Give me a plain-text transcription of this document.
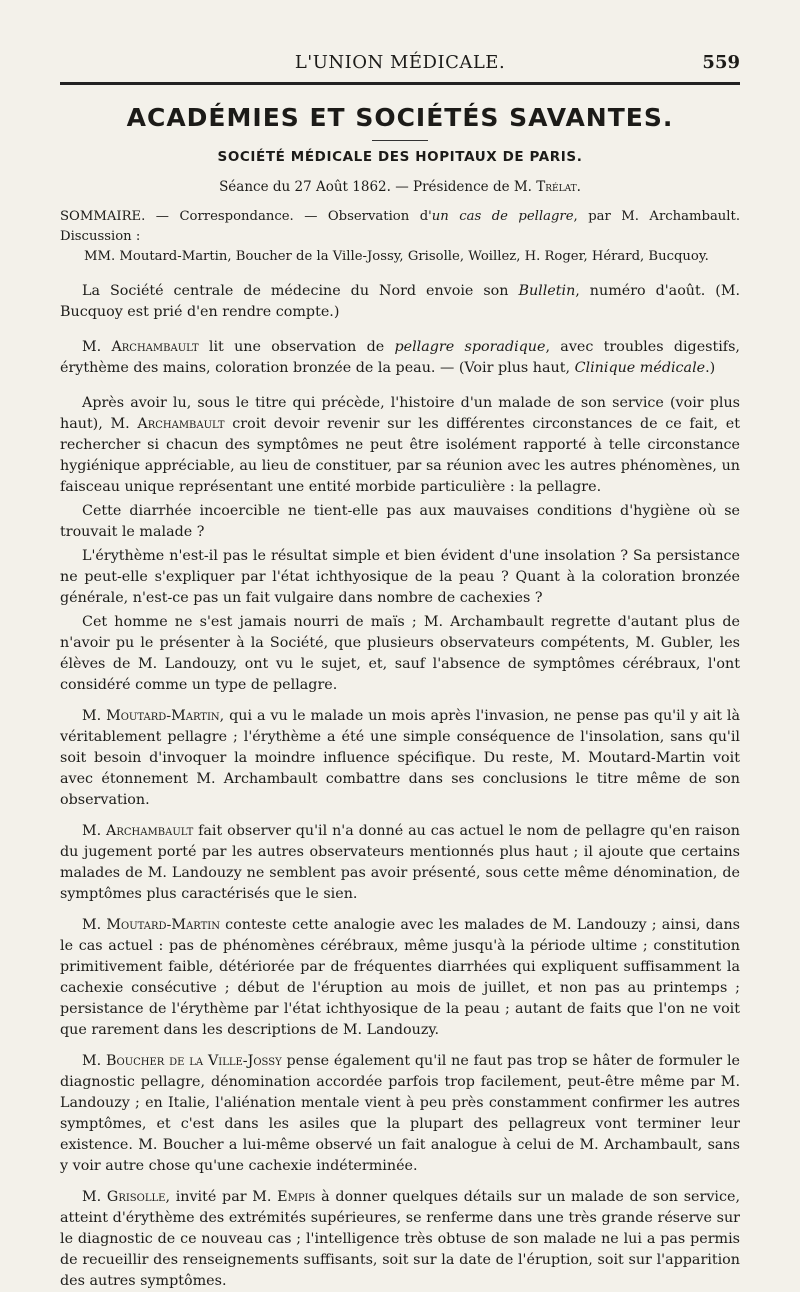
L'UNION MÉDICALE.	559
ACADÉMIES ET SOCIÉTÉS SAVANTES.
SOCIÉTÉ MÉDICALE DES HOPITAUX DE PARIS.
Séance du 27 Août 1862. — Présidence de M. Trélat.
SOMMAIRE. — Correspondance. — Observation d'un cas de pellagre, par M. Archambault. Discussion :
MM. Moutard-Martin, Boucher de la Ville-Jossy, Grisolle, Woillez, H. Roger, Hérard, Bucquoy.

La Société centrale de médecine du Nord envoie son Bulletin, numéro d'août. (M. Bucquoy est prié d'en rendre compte.)

M. Archambault lit une observation de pellagre sporadique, avec troubles digestifs, érythème des mains, coloration bronzée de la peau. — (Voir plus haut, Clinique médicale.)

Après avoir lu, sous le titre qui précède, l'histoire d'un malade de son service (voir plus haut), M. Archambault croit devoir revenir sur les différentes circonstances de ce fait, et rechercher si chacun des symptômes ne peut être isolément rapporté à telle circonstance hygiénique appréciable, au lieu de constituer, par sa réunion avec les autres phénomènes, un faisceau unique représentant une entité morbide particulière : la pellagre.

Cette diarrhée incoercible ne tient-elle pas aux mauvaises conditions d'hygiène où se trouvait le malade ?

L'érythème n'est-il pas le résultat simple et bien évident d'une insolation ? Sa persistance ne peut-elle s'expliquer par l'état ichthyosique de la peau ? Quant à la coloration bronzée générale, n'est-ce pas un fait vulgaire dans nombre de cachexies ?

Cet homme ne s'est jamais nourri de maïs ; M. Archambault regrette d'autant plus de n'avoir pu le présenter à la Société, que plusieurs observateurs compétents, M. Gubler, les élèves de M. Landouzy, ont vu le sujet, et, sauf l'absence de symptômes cérébraux, l'ont considéré comme un type de pellagre.

M. Moutard-Martin, qui a vu le malade un mois après l'invasion, ne pense pas qu'il y ait là véritablement pellagre ; l'érythème a été une simple conséquence de l'insolation, sans qu'il soit besoin d'invoquer la moindre influence spécifique. Du reste, M. Moutard-Martin voit avec étonnement M. Archambault combattre dans ses conclusions le titre même de son observation.

M. Archambault fait observer qu'il n'a donné au cas actuel le nom de pellagre qu'en raison du jugement porté par les autres observateurs mentionnés plus haut ; il ajoute que certains malades de M. Landouzy ne semblent pas avoir présenté, sous cette même dénomination, de symptômes plus caractérisés que le sien.

M. Moutard-Martin conteste cette analogie avec les malades de M. Landouzy ; ainsi, dans le cas actuel : pas de phénomènes cérébraux, même jusqu'à la période ultime ; constitution primitivement faible, détériorée par de fréquentes diarrhées qui expliquent suffisamment la cachexie consécutive ; début de l'éruption au mois de juillet, et non pas au printemps ; persistance de l'érythème par l'état ichthyosique de la peau ; autant de faits que l'on ne voit que rarement dans les descriptions de M. Landouzy.

M. Boucher de la Ville-Jossy pense également qu'il ne faut pas trop se hâter de formuler le diagnostic pellagre, dénomination accordée parfois trop facilement, peut-être même par M. Landouzy ; en Italie, l'aliénation mentale vient à peu près constamment confirmer les autres symptômes, et c'est dans les asiles que la plupart des pellagreux vont terminer leur existence. M. Boucher a lui-même observé un fait analogue à celui de M. Archambault, sans y voir autre chose qu'une cachexie indéterminée.

M. Grisolle, invité par M. Empis à donner quelques détails sur un malade de son service, atteint d'érythème des extrémités supérieures, se renferme dans une très grande réserve sur le diagnostic de ce nouveau cas ; l'intelligence très obtuse de son malade ne lui a pas permis de recueillir des renseignements suffisants, soit sur la date de l'éruption, soit sur l'apparition des autres symptômes.
